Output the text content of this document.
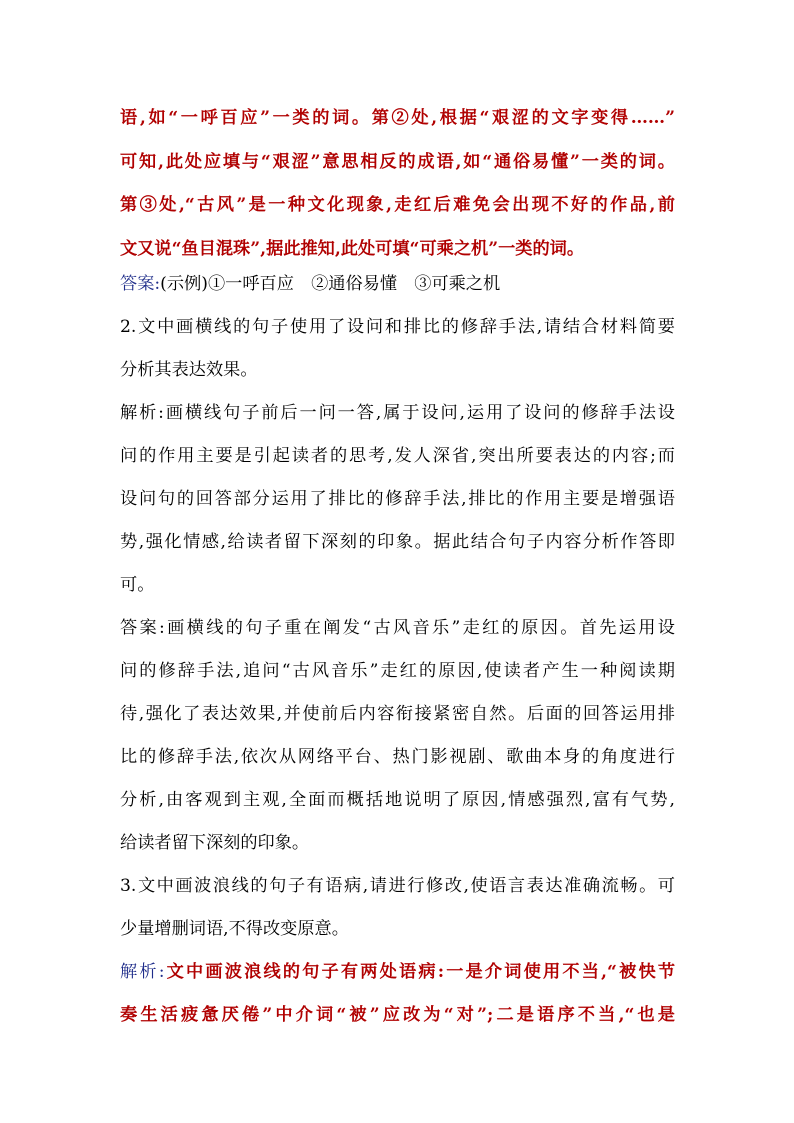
语,如“一呼百应”一类的词。第②处,根据“艰涩的文字变得……”
可知,此处应填与“艰涩”意思相反的成语,如“通俗易懂”一类的词。
第③处,“古风”是一种文化现象,走红后难免会出现不好的作品,前
文又说“鱼目混珠”,据此推知,此处可填“可乘之机”一类的词。
答案:(示例)①一呼百应　②通俗易懂　③可乘之机
2.文中画横线的句子使用了设问和排比的修辞手法,请结合材料简要
分析其表达效果。
解析:画横线句子前后一问一答,属于设问,运用了设问的修辞手法设
问的作用主要是引起读者的思考,发人深省,突出所要表达的内容;而
设问句的回答部分运用了排比的修辞手法,排比的作用主要是增强语
势,强化情感,给读者留下深刻的印象。据此结合句子内容分析作答即
可。
答案:画横线的句子重在阐发“古风音乐”走红的原因。首先运用设
问的修辞手法,追问“古风音乐”走红的原因,使读者产生一种阅读期
待,强化了表达效果,并使前后内容衔接紧密自然。后面的回答运用排
比的修辞手法,依次从网络平台、热门影视剧、歌曲本身的角度进行
分析,由客观到主观,全面而概括地说明了原因,情感强烈,富有气势,
给读者留下深刻的印象。
3.文中画波浪线的句子有语病,请进行修改,使语言表达准确流畅。可
少量增删词语,不得改变原意。
解析:文中画波浪线的句子有两处语病:一是介词使用不当,“被快节
奏生活疲惫厌倦”中介词“被”应改为“对”;二是语序不当,“也是
